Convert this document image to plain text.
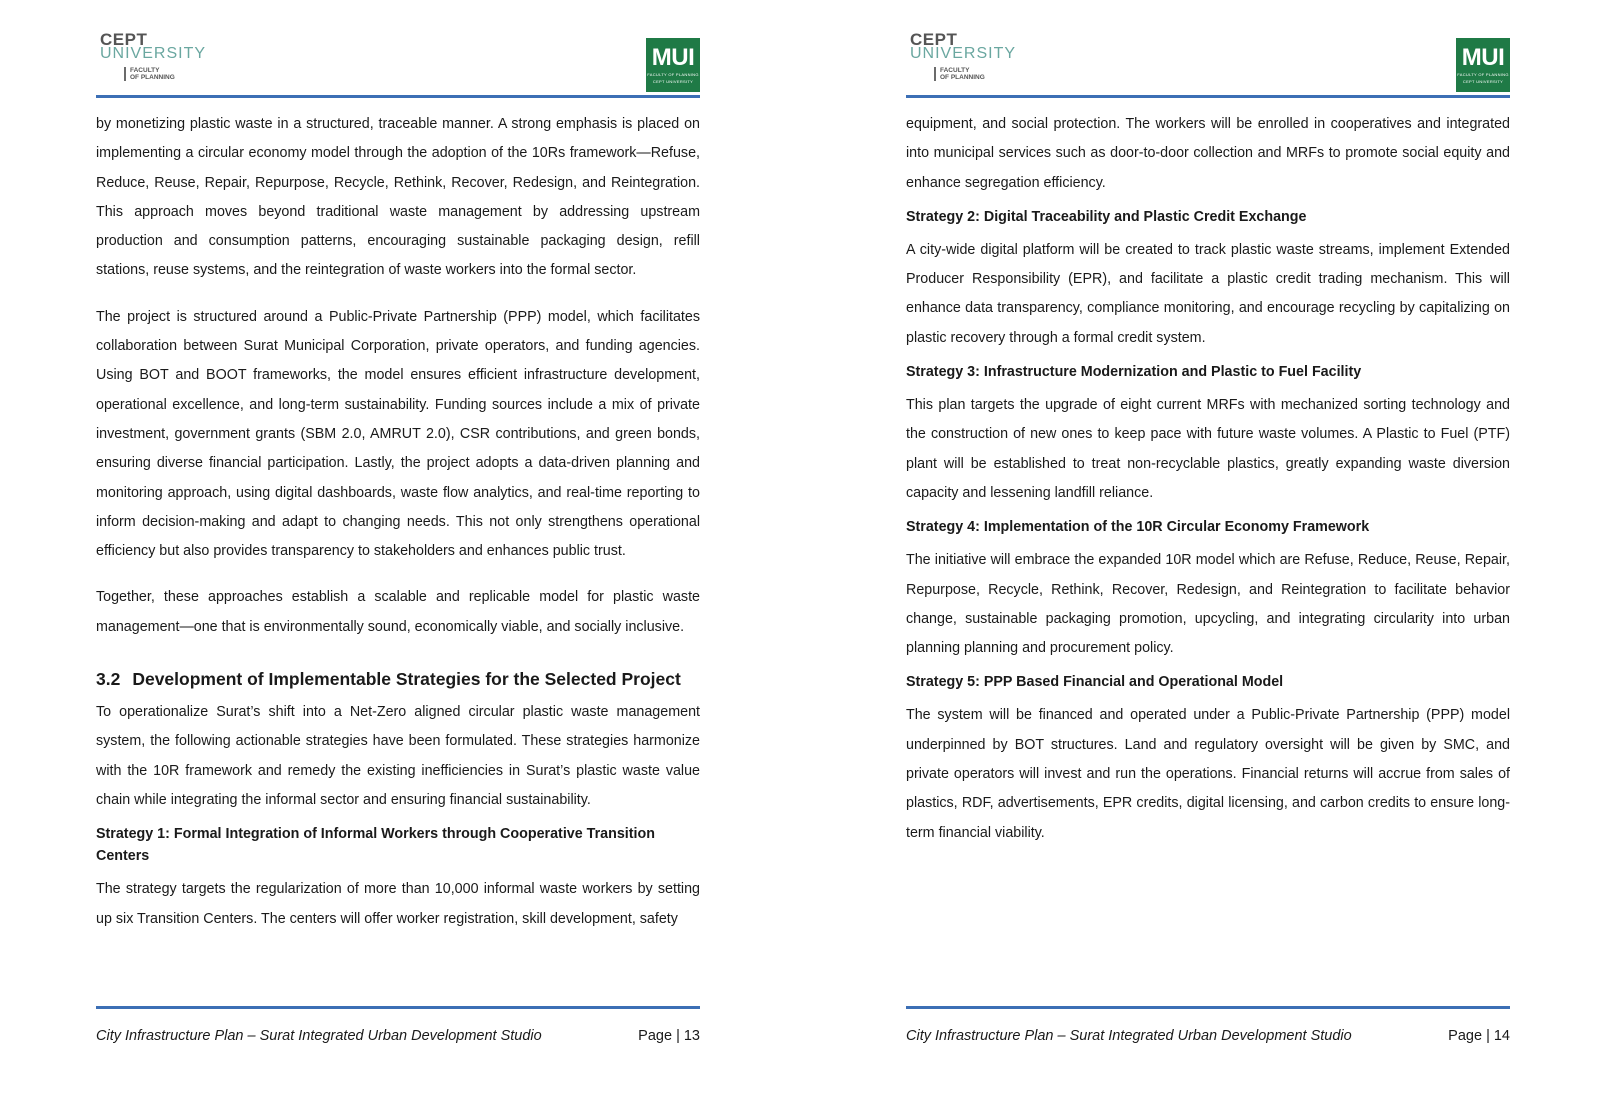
CEPT
UNIVERSITY
FACULTY
OF PLANNING
MUI
FACULTY OF PLANNING
CEPT UNIVERSITY

by monetizing plastic waste in a structured, traceable manner. A strong emphasis is placed on implementing a circular economy model through the adoption of the 10Rs framework—Refuse, Reduce, Reuse, Repair, Repurpose, Recycle, Rethink, Recover, Redesign, and Reintegration. This approach moves beyond traditional waste management by addressing upstream production and consumption patterns, encouraging sustainable packaging design, refill stations, reuse systems, and the reintegration of waste workers into the formal sector.

The project is structured around a Public-Private Partnership (PPP) model, which facilitates collaboration between Surat Municipal Corporation, private operators, and funding agencies. Using BOT and BOOT frameworks, the model ensures efficient infrastructure development, operational excellence, and long-term sustainability. Funding sources include a mix of private investment, government grants (SBM 2.0, AMRUT 2.0), CSR contributions, and green bonds, ensuring diverse financial participation. Lastly, the project adopts a data-driven planning and monitoring approach, using digital dashboards, waste flow analytics, and real-time reporting to inform decision-making and adapt to changing needs. This not only strengthens operational efficiency but also provides transparency to stakeholders and enhances public trust.

Together, these approaches establish a scalable and replicable model for plastic waste management—one that is environmentally sound, economically viable, and socially inclusive.

3.2 Development of Implementable Strategies for the Selected Project

To operationalize Surat’s shift into a Net-Zero aligned circular plastic waste management system, the following actionable strategies have been formulated. These strategies harmonize with the 10R framework and remedy the existing inefficiencies in Surat’s plastic waste value chain while integrating the informal sector and ensuring financial sustainability.

Strategy 1: Formal Integration of Informal Workers through Cooperative Transition Centers

The strategy targets the regularization of more than 10,000 informal waste workers by setting up six Transition Centers. The centers will offer worker registration, skill development, safety

City Infrastructure Plan – Surat Integrated Urban Development Studio	Page | 13
CEPT
UNIVERSITY
FACULTY
OF PLANNING
MUI
FACULTY OF PLANNING
CEPT UNIVERSITY

equipment, and social protection. The workers will be enrolled in cooperatives and integrated into municipal services such as door-to-door collection and MRFs to promote social equity and enhance segregation efficiency.

Strategy 2: Digital Traceability and Plastic Credit Exchange

A city-wide digital platform will be created to track plastic waste streams, implement Extended Producer Responsibility (EPR), and facilitate a plastic credit trading mechanism. This will enhance data transparency, compliance monitoring, and encourage recycling by capitalizing on plastic recovery through a formal credit system.

Strategy 3: Infrastructure Modernization and Plastic to Fuel Facility

This plan targets the upgrade of eight current MRFs with mechanized sorting technology and the construction of new ones to keep pace with future waste volumes. A Plastic to Fuel (PTF) plant will be established to treat non-recyclable plastics, greatly expanding waste diversion capacity and lessening landfill reliance.

Strategy 4: Implementation of the 10R Circular Economy Framework

The initiative will embrace the expanded 10R model which are Refuse, Reduce, Reuse, Repair, Repurpose, Recycle, Rethink, Recover, Redesign, and Reintegration to facilitate behavior change, sustainable packaging promotion, upcycling, and integrating circularity into urban planning planning and procurement policy.

Strategy 5: PPP Based Financial and Operational Model

The system will be financed and operated under a Public-Private Partnership (PPP) model underpinned by BOT structures. Land and regulatory oversight will be given by SMC, and private operators will invest and run the operations. Financial returns will accrue from sales of plastics, RDF, advertisements, EPR credits, digital licensing, and carbon credits to ensure long-term financial viability.

City Infrastructure Plan – Surat Integrated Urban Development Studio	Page | 14
